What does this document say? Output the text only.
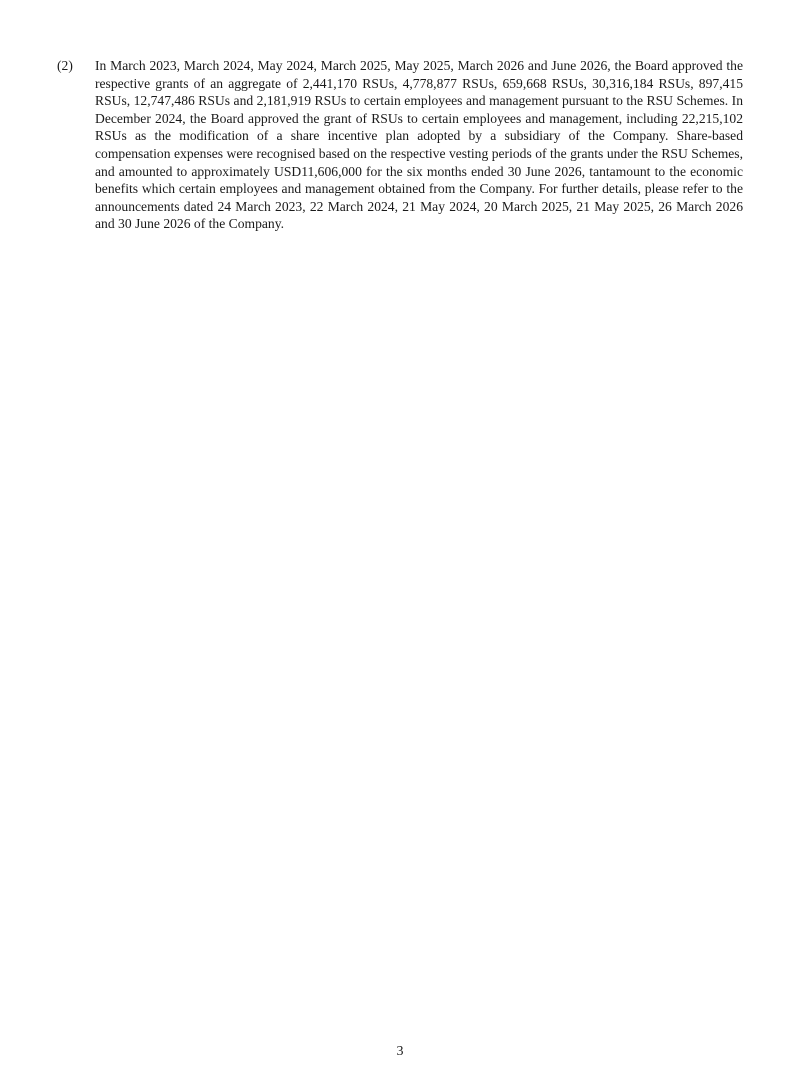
(2) In March 2023, March 2024, May 2024, March 2025, May 2025, March 2026 and June 2026, the Board approved the respective grants of an aggregate of 2,441,170 RSUs, 4,778,877 RSUs, 659,668 RSUs, 30,316,184 RSUs, 897,415 RSUs, 12,747,486 RSUs and 2,181,919 RSUs to certain employees and management pursuant to the RSU Schemes. In December 2024, the Board approved the grant of RSUs to certain employees and management, including 22,215,102 RSUs as the modification of a share incentive plan adopted by a subsidiary of the Company. Share-based compensation expenses were recognised based on the respective vesting periods of the grants under the RSU Schemes, and amounted to approximately USD11,606,000 for the six months ended 30 June 2026, tantamount to the economic benefits which certain employees and management obtained from the Company. For further details, please refer to the announcements dated 24 March 2023, 22 March 2024, 21 May 2024, 20 March 2025, 21 May 2025, 26 March 2026 and 30 June 2026 of the Company.
3
